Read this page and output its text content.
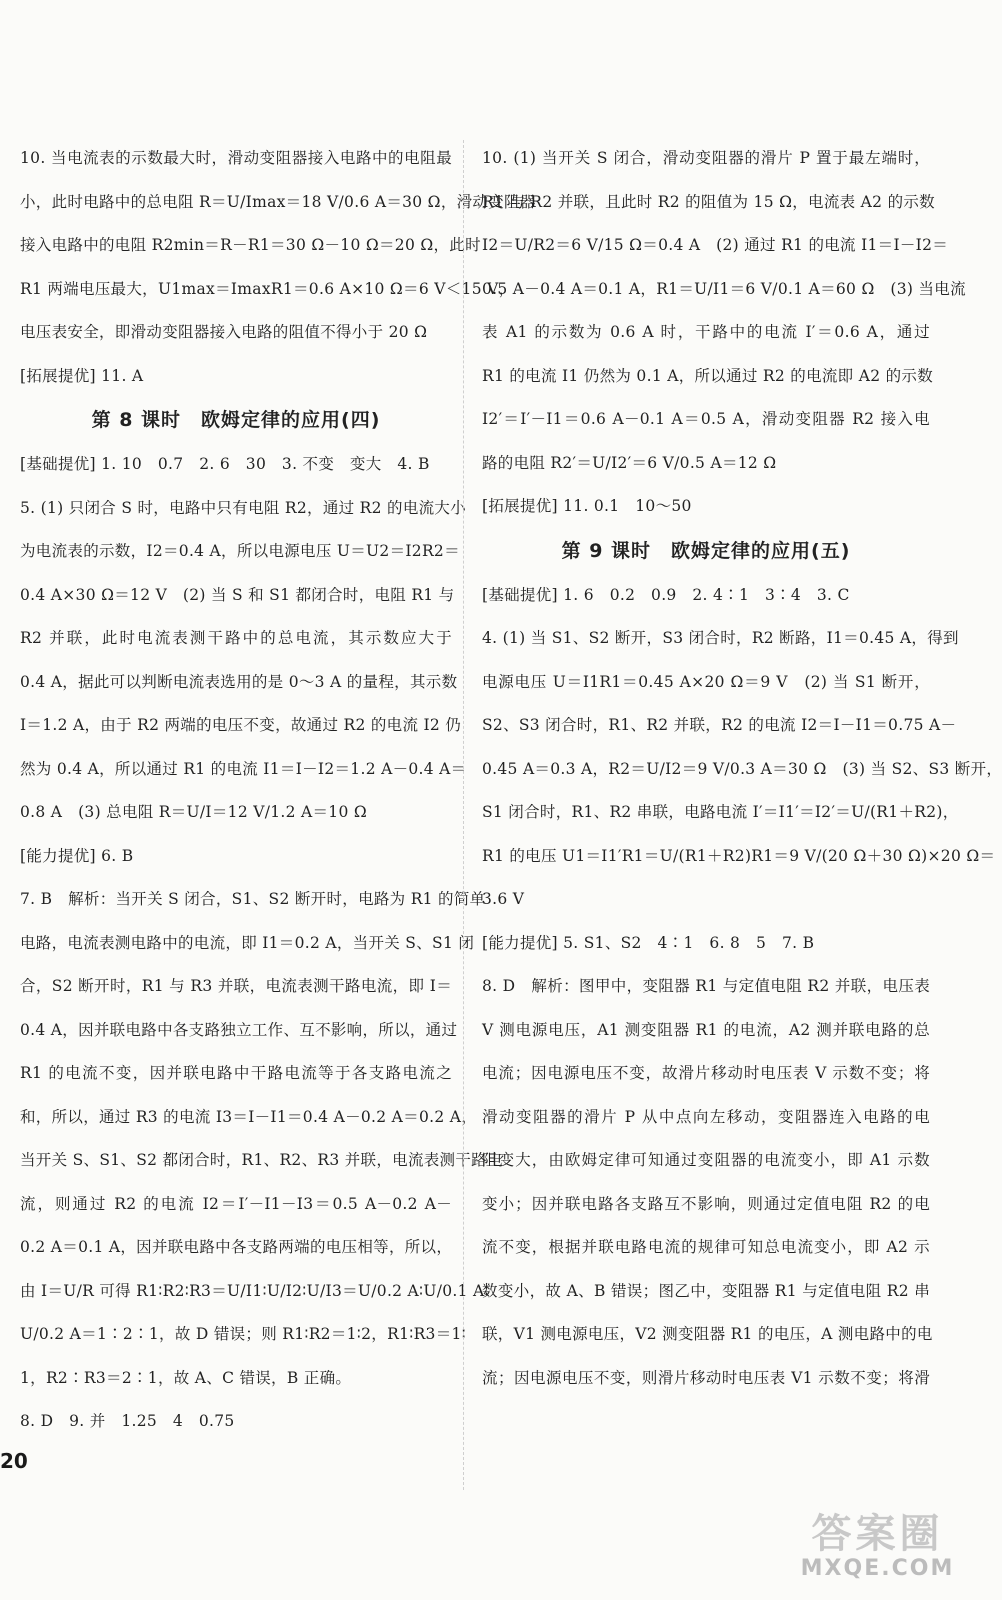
10. 当电流表的示数最大时，滑动变阻器接入电路中的电阻最
小，此时电路中的总电阻 R＝U/Imax＝18 V/0.6 A＝30 Ω，滑动变阻器
接入电路中的电阻 R2min＝R－R1＝30 Ω－10 Ω＝20 Ω，此时
R1 两端电压最大，U1max＝ImaxR1＝0.6 A×10 Ω＝6 V＜15 V，
电压表安全，即滑动变阻器接入电路的阻值不得小于 20 Ω
[拓展提优] 11. A
第 8 课时　欧姆定律的应用(四)
[基础提优] 1. 10　0.7　2. 6　30　3. 不变　变大　4. B
5. (1) 只闭合 S 时，电路中只有电阻 R2，通过 R2 的电流大小
为电流表的示数，I2＝0.4 A，所以电源电压 U＝U2＝I2R2＝
0.4 A×30 Ω＝12 V　(2) 当 S 和 S1 都闭合时，电阻 R1 与
R2 并联，此时电流表测干路中的总电流，其示数应大于
0.4 A，据此可以判断电流表选用的是 0～3 A 的量程，其示数
I＝1.2 A，由于 R2 两端的电压不变，故通过 R2 的电流 I2 仍
然为 0.4 A，所以通过 R1 的电流 I1＝I－I2＝1.2 A－0.4 A＝
0.8 A　(3) 总电阻 R＝U/I＝12 V/1.2 A＝10 Ω
[能力提优] 6. B
7. B　解析：当开关 S 闭合，S1、S2 断开时，电路为 R1 的简单
电路，电流表测电路中的电流，即 I1＝0.2 A，当开关 S、S1 闭
合，S2 断开时，R1 与 R3 并联，电流表测干路电流，即 I＝
0.4 A，因并联电路中各支路独立工作、互不影响，所以，通过
R1 的电流不变，因并联电路中干路电流等于各支路电流之
和，所以，通过 R3 的电流 I3＝I－I1＝0.4 A－0.2 A＝0.2 A，
当开关 S、S1、S2 都闭合时，R1、R2、R3 并联，电流表测干路电
流，则通过 R2 的电流 I2＝I′－I1－I3＝0.5 A－0.2 A－
0.2 A＝0.1 A，因并联电路中各支路两端的电压相等，所以，
由 I＝U/R 可得 R1∶R2∶R3＝U/I1∶U/I2∶U/I3＝U/0.2 A∶U/0.1 A∶
U/0.2 A＝1∶2∶1，故 D 错误；则 R1∶R2＝1∶2，R1∶R3＝1∶
1，R2∶R3＝2∶1，故 A、C 错误，B 正确。
8. D　9. 并　1.25　4　0.75
10. (1) 当开关 S 闭合，滑动变阻器的滑片 P 置于最左端时，
R1 与 R2 并联，且此时 R2 的阻值为 15 Ω，电流表 A2 的示数
I2＝U/R2＝6 V/15 Ω＝0.4 A　(2) 通过 R1 的电流 I1＝I－I2＝
0.5 A－0.4 A＝0.1 A，R1＝U/I1＝6 V/0.1 A＝60 Ω　(3) 当电流
表 A1 的示数为 0.6 A 时，干路中的电流 I′＝0.6 A，通过
R1 的电流 I1 仍然为 0.1 A，所以通过 R2 的电流即 A2 的示数
I2′＝I′－I1＝0.6 A－0.1 A＝0.5 A，滑动变阻器 R2 接入电
路的电阻 R2′＝U/I2′＝6 V/0.5 A＝12 Ω
[拓展提优] 11. 0.1　10～50
第 9 课时　欧姆定律的应用(五)
[基础提优] 1. 6　0.2　0.9　2. 4∶1　3∶4　3. C
4. (1) 当 S1、S2 断开，S3 闭合时，R2 断路，I1＝0.45 A，得到
电源电压 U＝I1R1＝0.45 A×20 Ω＝9 V　(2) 当 S1 断开，
S2、S3 闭合时，R1、R2 并联，R2 的电流 I2＝I－I1＝0.75 A－
0.45 A＝0.3 A，R2＝U/I2＝9 V/0.3 A＝30 Ω　(3) 当 S2、S3 断开，
S1 闭合时，R1、R2 串联，电路电流 I′＝I1′＝I2′＝U/(R1＋R2)，
R1 的电压 U1＝I1′R1＝U/(R1＋R2)R1＝9 V/(20 Ω＋30 Ω)×20 Ω＝
3.6 V
[能力提优] 5. S1、S2　4∶1　6. 8　5　7. B
8. D　解析：图甲中，变阻器 R1 与定值电阻 R2 并联，电压表
V 测电源电压，A1 测变阻器 R1 的电流，A2 测并联电路的总
电流；因电源电压不变，故滑片移动时电压表 V 示数不变；将
滑动变阻器的滑片 P 从中点向左移动，变阻器连入电路的电
阻变大，由欧姆定律可知通过变阻器的电流变小，即 A1 示数
变小；因并联电路各支路互不影响，则通过定值电阻 R2 的电
流不变，根据并联电路电流的规律可知总电流变小，即 A2 示
数变小，故 A、B 错误；图乙中，变阻器 R1 与定值电阻 R2 串
联，V1 测电源电压，V2 测变阻器 R1 的电压，A 测电路中的电
流；因电源电压不变，则滑片移动时电压表 V1 示数不变；将滑
20
答案圈
MXQE.COM
